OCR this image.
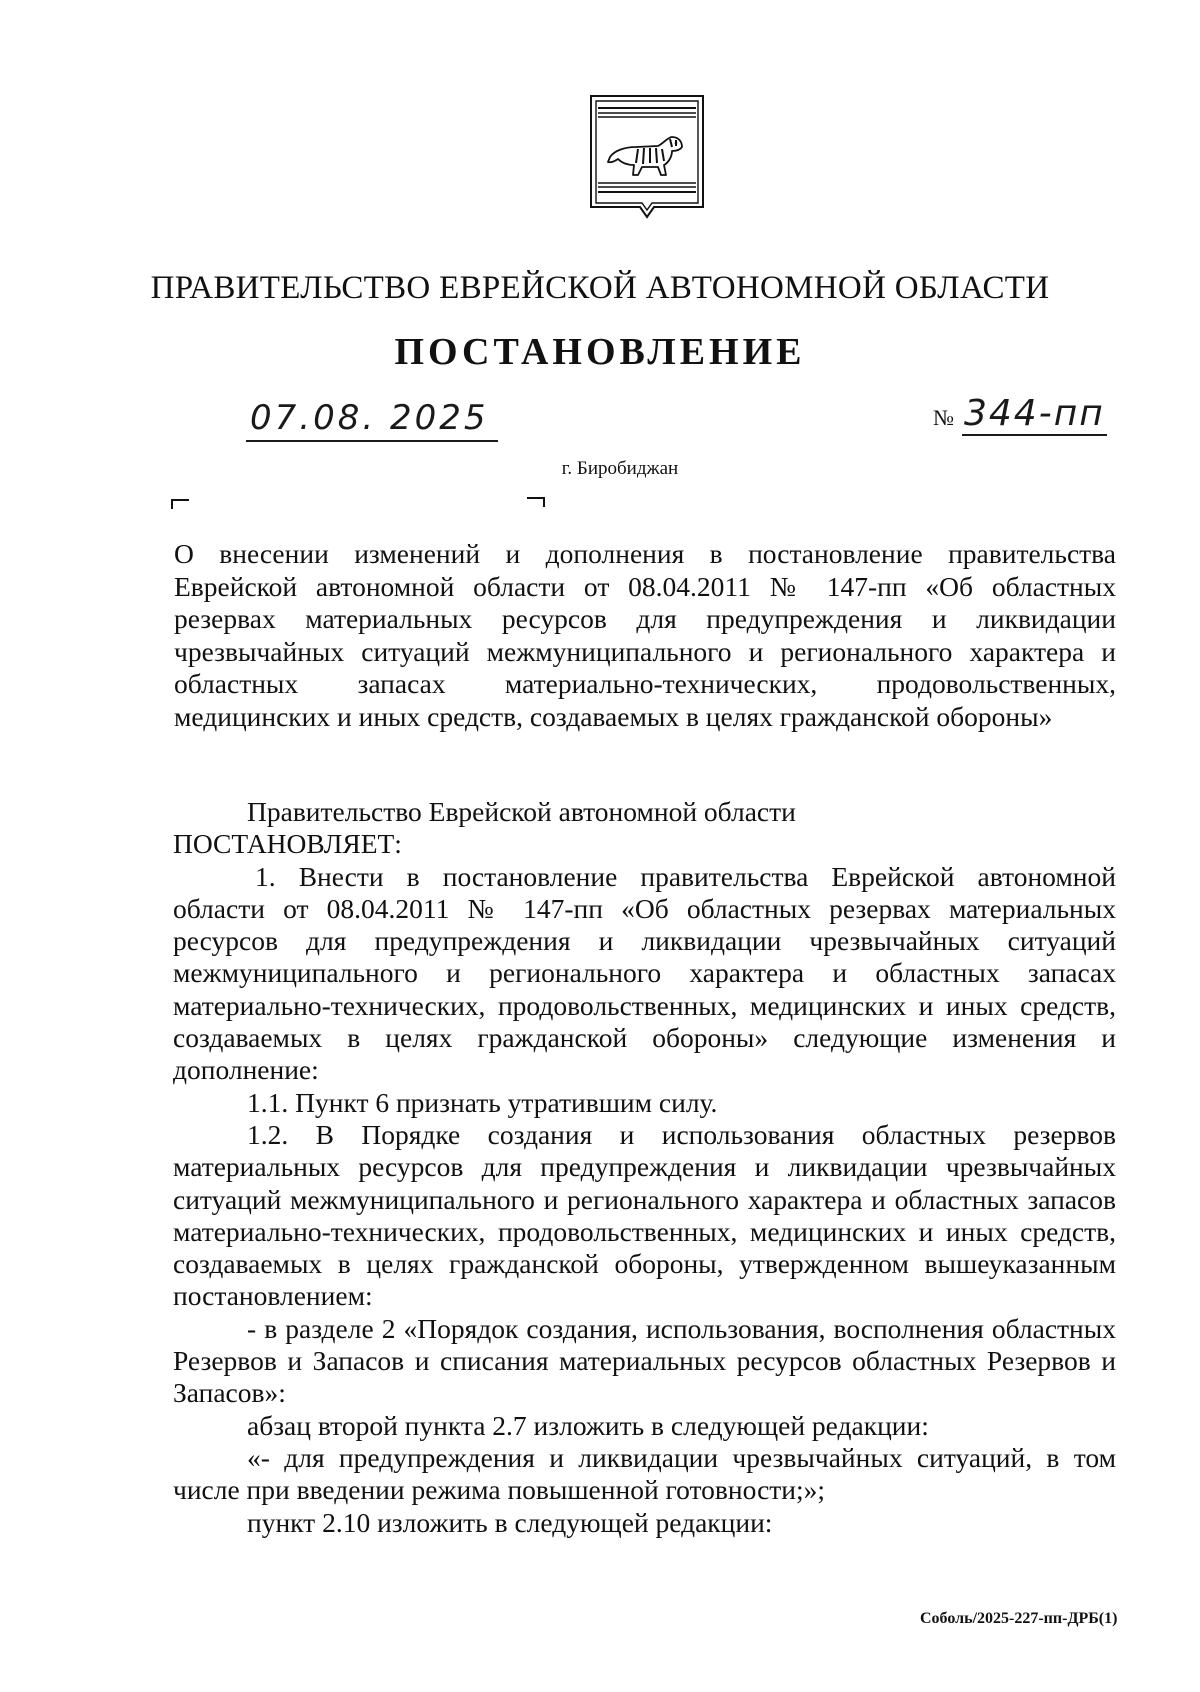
ПРАВИТЕЛЬСТВО ЕВРЕЙСКОЙ АВТОНОМНОЙ ОБЛАСТИ
ПОСТАНОВЛЕНИЕ
07.08. 2025	№ 344-пп
г. Биробиджан
О внесении изменений и дополнения в постановление правительства Еврейской автономной области от 08.04.2011 № 147-пп «Об областных резервах материальных ресурсов для предупреждения и ликвидации чрезвычайных ситуаций межмуниципального и регионального характера и областных запасах материально-технических, продовольственных, медицинских и иных средств, создаваемых в целях гражданской обороны»

Правительство Еврейской автономной области

ПОСТАНОВЛЯЕТ:

1. Внести в постановление правительства Еврейской автономной области от 08.04.2011 № 147-пп «Об областных резервах материальных ресурсов для предупреждения и ликвидации чрезвычайных ситуаций межмуниципального и регионального характера и областных запасах материально-технических, продовольственных, медицинских и иных средств, создаваемых в целях гражданской обороны» следующие изменения и дополнение:

1.1. Пункт 6 признать утратившим силу.

1.2. В Порядке создания и использования областных резервов материальных ресурсов для предупреждения и ликвидации чрезвычайных ситуаций межмуниципального и регионального характера и областных запасов материально-технических, продовольственных, медицинских и иных средств, создаваемых в целях гражданской обороны, утвержденном вышеуказанным постановлением:

- в разделе 2 «Порядок создания, использования, восполнения областных Резервов и Запасов и списания материальных ресурсов областных Резервов и Запасов»:

абзац второй пункта 2.7 изложить в следующей редакции:

«- для предупреждения и ликвидации чрезвычайных ситуаций, в том числе при введении режима повышенной готовности;»;

пункт 2.10 изложить в следующей редакции:

Соболь/2025-227-пп-ДРБ(1)
